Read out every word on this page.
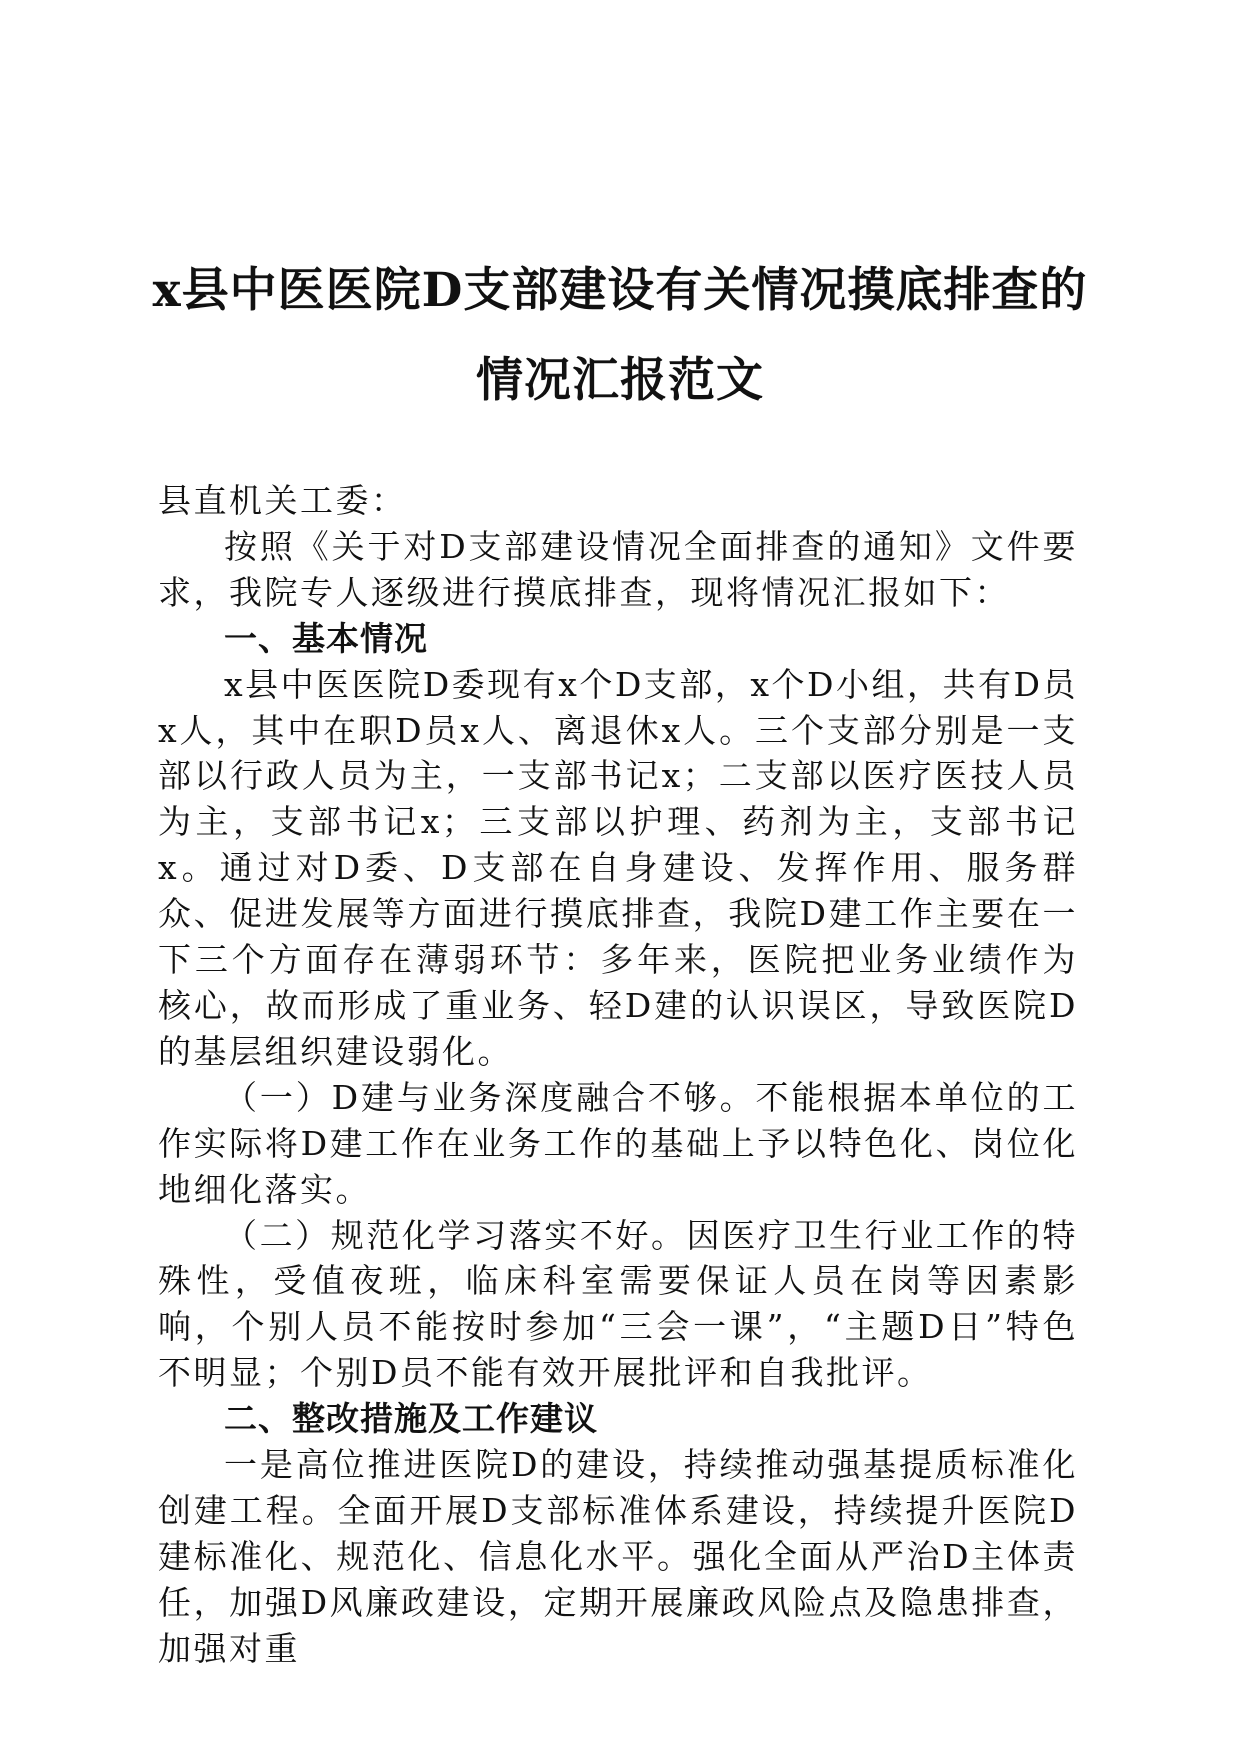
x县中医医院D支部建设有关情况摸底排查的
情况汇报范文

县直机关工委：

按照《关于对D支部建设情况全面排查的通知》文件要求，我院专人逐级进行摸底排查，现将情况汇报如下：

一、基本情况

x县中医医院D委现有x个D支部，x个D小组，共有D员x人，其中在职D员x人、离退休x人。三个支部分别是一支部以行政人员为主，一支部书记x；二支部以医疗医技人员为主，支部书记x；三支部以护理、药剂为主，支部书记x。通过对D委、D支部在自身建设、发挥作用、服务群众、促进发展等方面进行摸底排查，我院D建工作主要在一下三个方面存在薄弱环节：多年来，医院把业务业绩作为核心，故而形成了重业务、轻D建的认识误区，导致医院D的基层组织建设弱化。

（一）D建与业务深度融合不够。不能根据本单位的工作实际将D建工作在业务工作的基础上予以特色化、岗位化地细化落实。

（二）规范化学习落实不好。因医疗卫生行业工作的特殊性，受值夜班，临床科室需要保证人员在岗等因素影响，个别人员不能按时参加“三会一课”，“主题D日”特色不明显；个别D员不能有效开展批评和自我批评。

二、整改措施及工作建议

一是高位推进医院D的建设，持续推动强基提质标准化创建工程。全面开展D支部标准体系建设，持续提升医院D建标准化、规范化、信息化水平。强化全面从严治D主体责任，加强D风廉政建设，定期开展廉政风险点及隐患排查，加强对重
